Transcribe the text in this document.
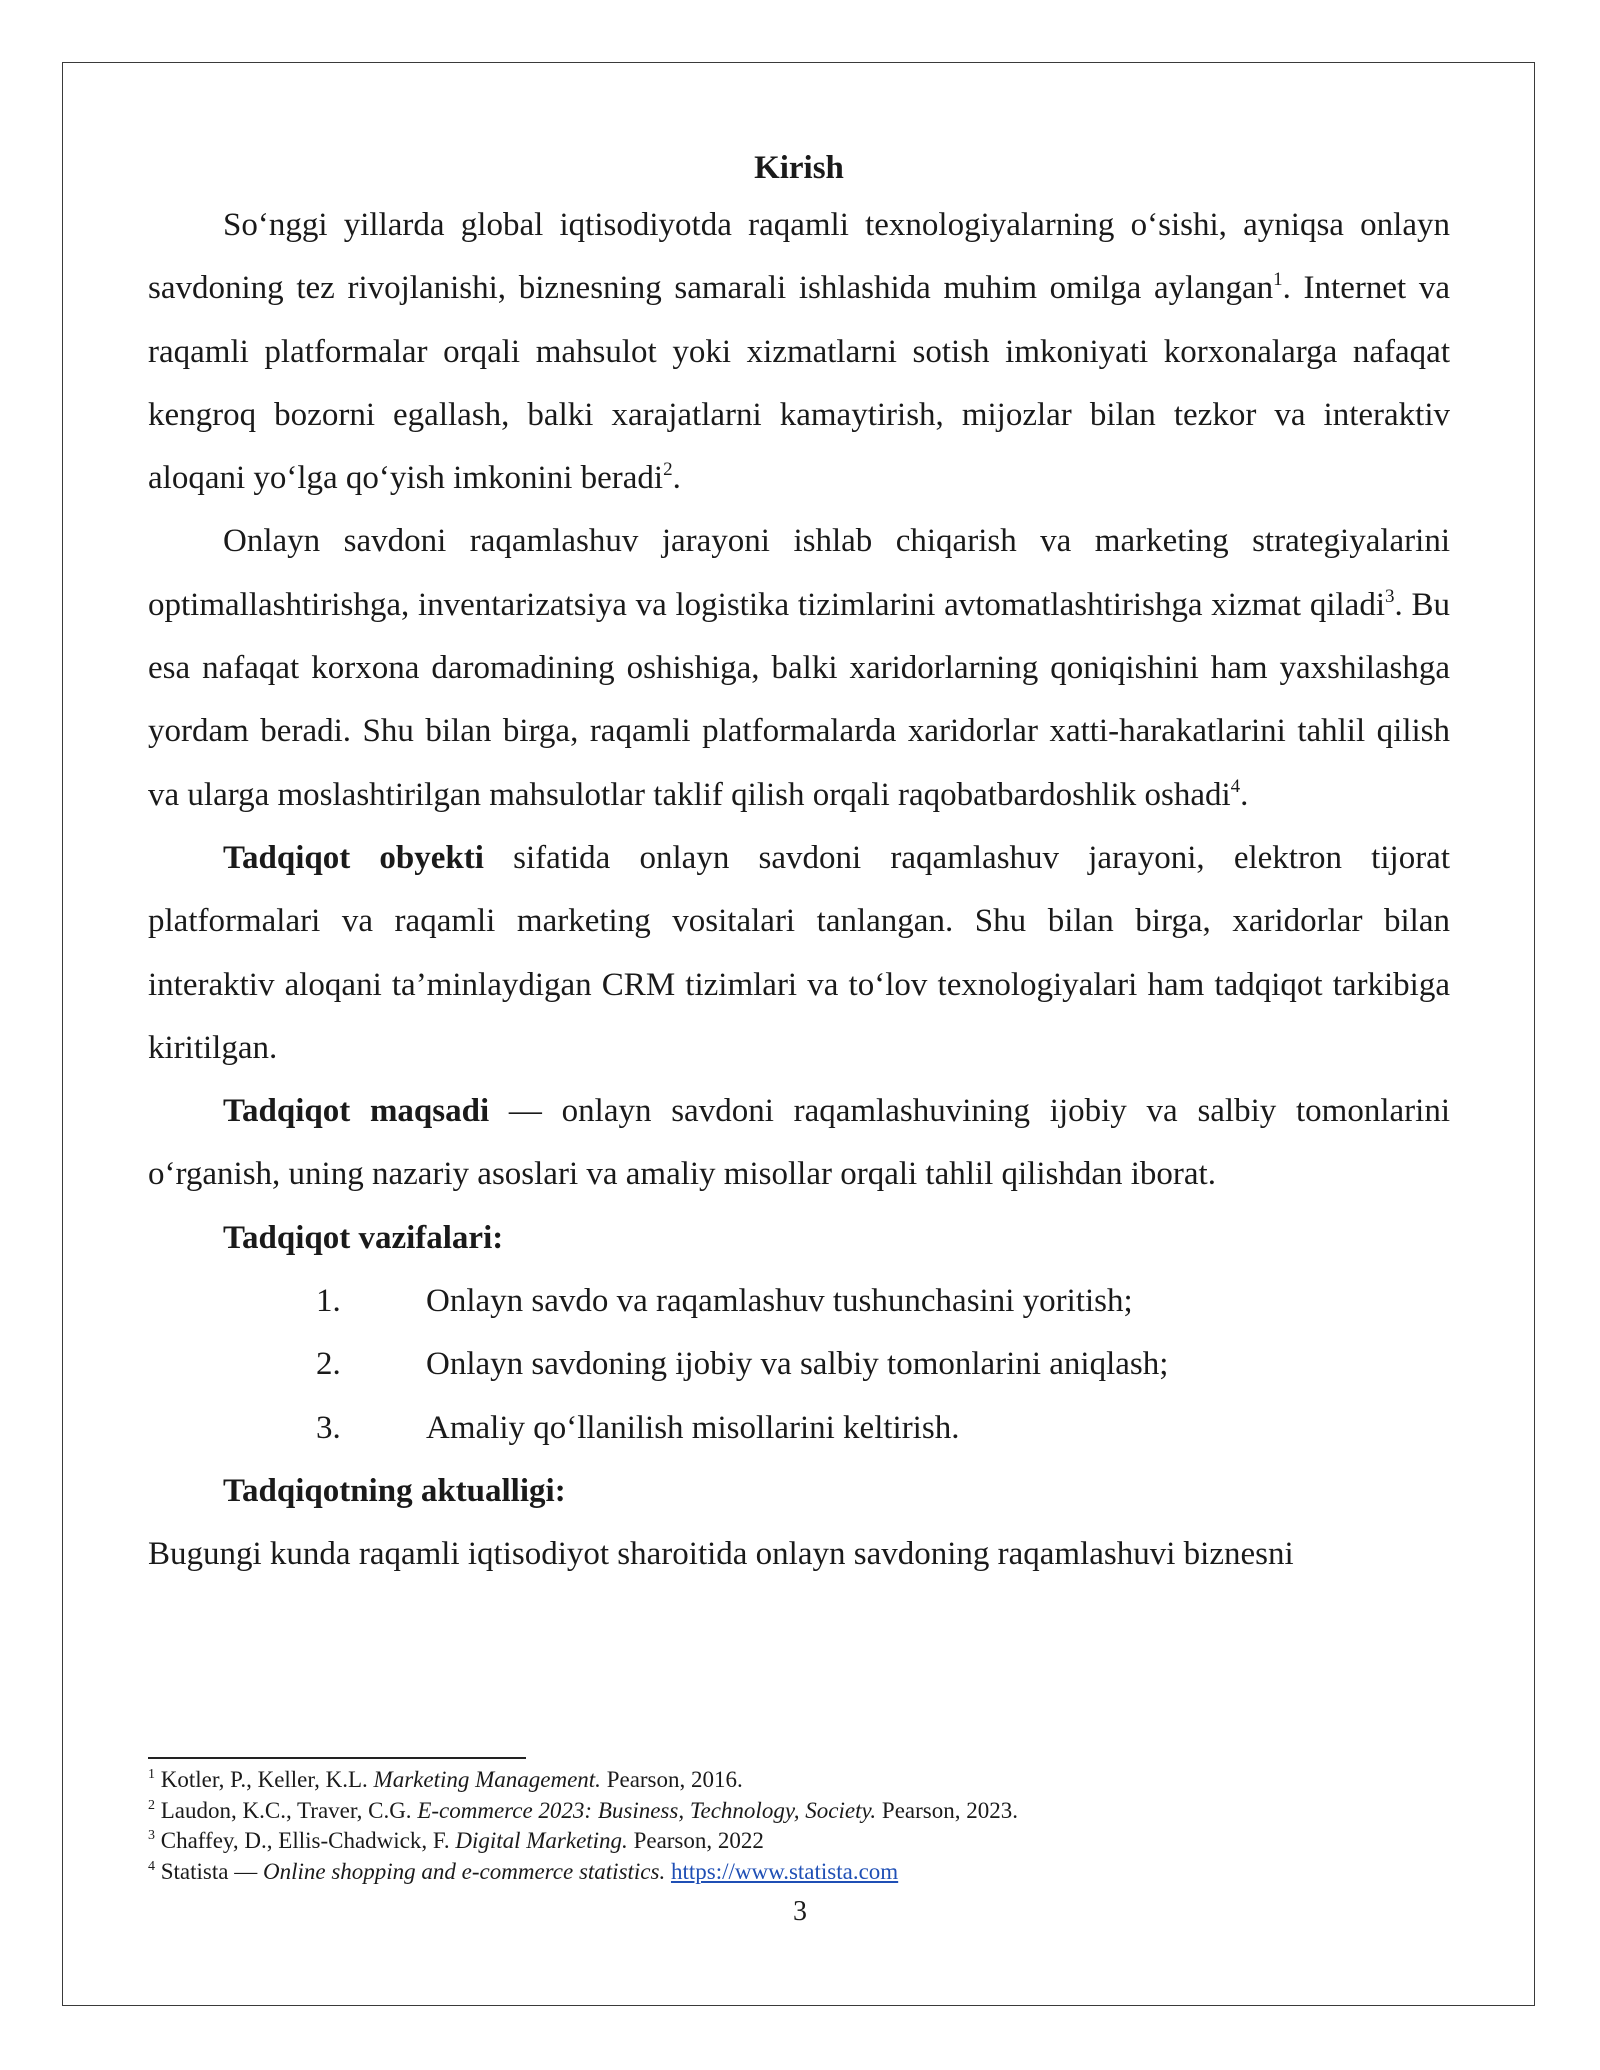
Kirish

So‘nggi yillarda global iqtisodiyotda raqamli texnologiyalarning o‘sishi, ayniqsa onlayn savdoning tez rivojlanishi, biznesning samarali ishlashida muhim omilga aylangan$^1$. Internet va raqamli platformalar orqali mahsulot yoki xizmatlarni sotish imkoniyati korxonalarga nafaqat kengroq bozorni egallash, balki xarajatlarni kamaytirish, mijozlar bilan tezkor va interaktiv aloqani yo‘lga qo‘yish imkonini beradi$^2$.

Onlayn savdoni raqamlashuv jarayoni ishlab chiqarish va marketing strategiyalarini optimallashtirishga, inventarizatsiya va logistika tizimlarini avtomatlashtirishga xizmat qiladi$^3$. Bu esa nafaqat korxona daromadining oshishiga, balki xaridorlarning qoniqishini ham yaxshilashga yordam beradi. Shu bilan birga, raqamli platformalarda xaridorlar xatti-harakatlarini tahlil qilish va ularga moslashtirilgan mahsulotlar taklif qilish orqali raqobatbardoshlik oshadi$^4$.

Tadqiqot obyekti sifatida onlayn savdoni raqamlashuv jarayoni, elektron tijorat platformalari va raqamli marketing vositalari tanlangan. Shu bilan birga, xaridorlar bilan interaktiv aloqani ta’minlaydigan CRM tizimlari va to‘lov texnologiyalari ham tadqiqot tarkibiga kiritilgan.

Tadqiqot maqsadi — onlayn savdoni raqamlashuvining ijobiy va salbiy tomonlarini o‘rganish, uning nazariy asoslari va amaliy misollar orqali tahlil qilishdan iborat.

Tadqiqot vazifalari:
1.	Onlayn savdo va raqamlashuv tushunchasini yoritish;
2.	Onlayn savdoning ijobiy va salbiy tomonlarini aniqlash;
3.	Amaliy qo‘llanilish misollarini keltirish.
Tadqiqotning aktualligi:

Bugungi kunda raqamli iqtisodiyot sharoitida onlayn savdoning raqamlashuvi biznesni

$^1$ Kotler, P., Keller, K.L. Marketing Management. Pearson, 2016.
$^2$ Laudon, K.C., Traver, C.G. E-commerce 2023: Business, Technology, Society. Pearson, 2023.
$^3$ Chaffey, D., Ellis-Chadwick, F. Digital Marketing. Pearson, 2022
$^4$ Statista — Online shopping and e-commerce statistics. https://www.statista.com
3
